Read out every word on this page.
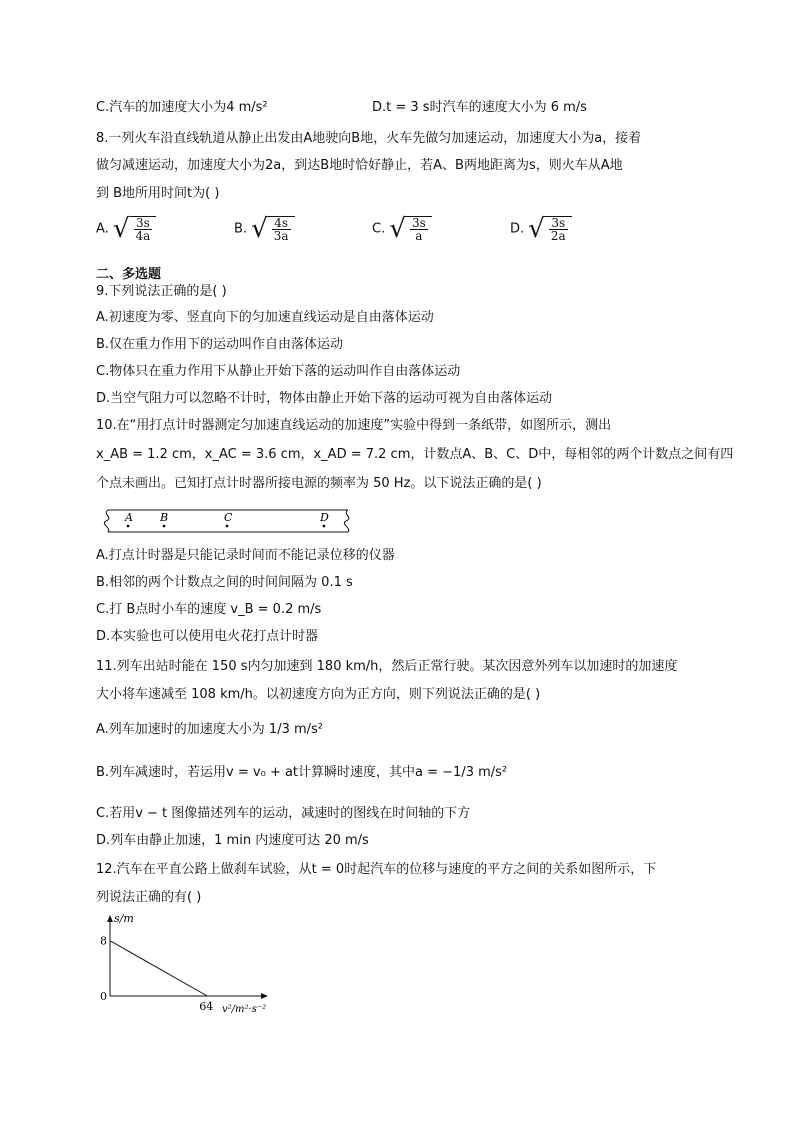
C.汽车的加速度大小为4 m/s²	D.t = 3 s时汽车的速度大小为 6 m/s
8.一列火车沿直线轨道从静止出发由A地驶向B地，火车先做匀加速运动，加速度大小为a，接着
做匀减速运动，加速度大小为2a，到达B地时恰好静止，若A、B两地距离为s，则火车从A地
到 B地所用时间t为( )
A. √ $\frac{3s}{4a}$	B. √ $\frac{4s}{3a}$	C. √ $\frac{3s}{a}$	D. √ $\frac{3s}{2a}$
二、多选题
9.下列说法正确的是( )
A.初速度为零、竖直向下的匀加速直线运动是自由落体运动
B.仅在重力作用下的运动叫作自由落体运动
C.物体只在重力作用下从静止开始下落的运动叫作自由落体运动
D.当空气阻力可以忽略不计时，物体由静止开始下落的运动可视为自由落体运动
10.在“用打点计时器测定匀加速直线运动的加速度”实验中得到一条纸带，如图所示，测出
x_AB = 1.2 cm，x_AC = 3.6 cm，x_AD = 7.2 cm，计数点A、B、C、D中，每相邻的两个计数点之间有四
个点未画出。已知打点计时器所接电源的频率为 50 Hz。以下说法正确的是( )
A B	C	D
A.打点计时器是只能记录时间而不能记录位移的仪器
B.相邻的两个计数点之间的时间间隔为 0.1 s
C.打 B点时小车的速度 v_B = 0.2 m/s
D.本实验也可以使用电火花打点计时器
11.列车出站时能在 150 s内匀加速到 180 km/h，然后正常行驶。某次因意外列车以加速时的加速度
大小将车速减至 108 km/h。以初速度方向为正方向，则下列说法正确的是( )
A.列车加速时的加速度大小为 1/3 m/s²
B.列车减速时，若运用v = v₀ + at计算瞬时速度，其中a = −1/3 m/s²
C.若用v − t 图像描述列车的运动，减速时的图线在时间轴的下方
D.列车由静止加速，1 min 内速度可达 20 m/s
12.汽车在平直公路上做刹车试验，从t = 0时起汽车的位移与速度的平方之间的关系如图所示，下
列说法正确的有( )
s/m
v²/m²·s⁻²
0
8
64
